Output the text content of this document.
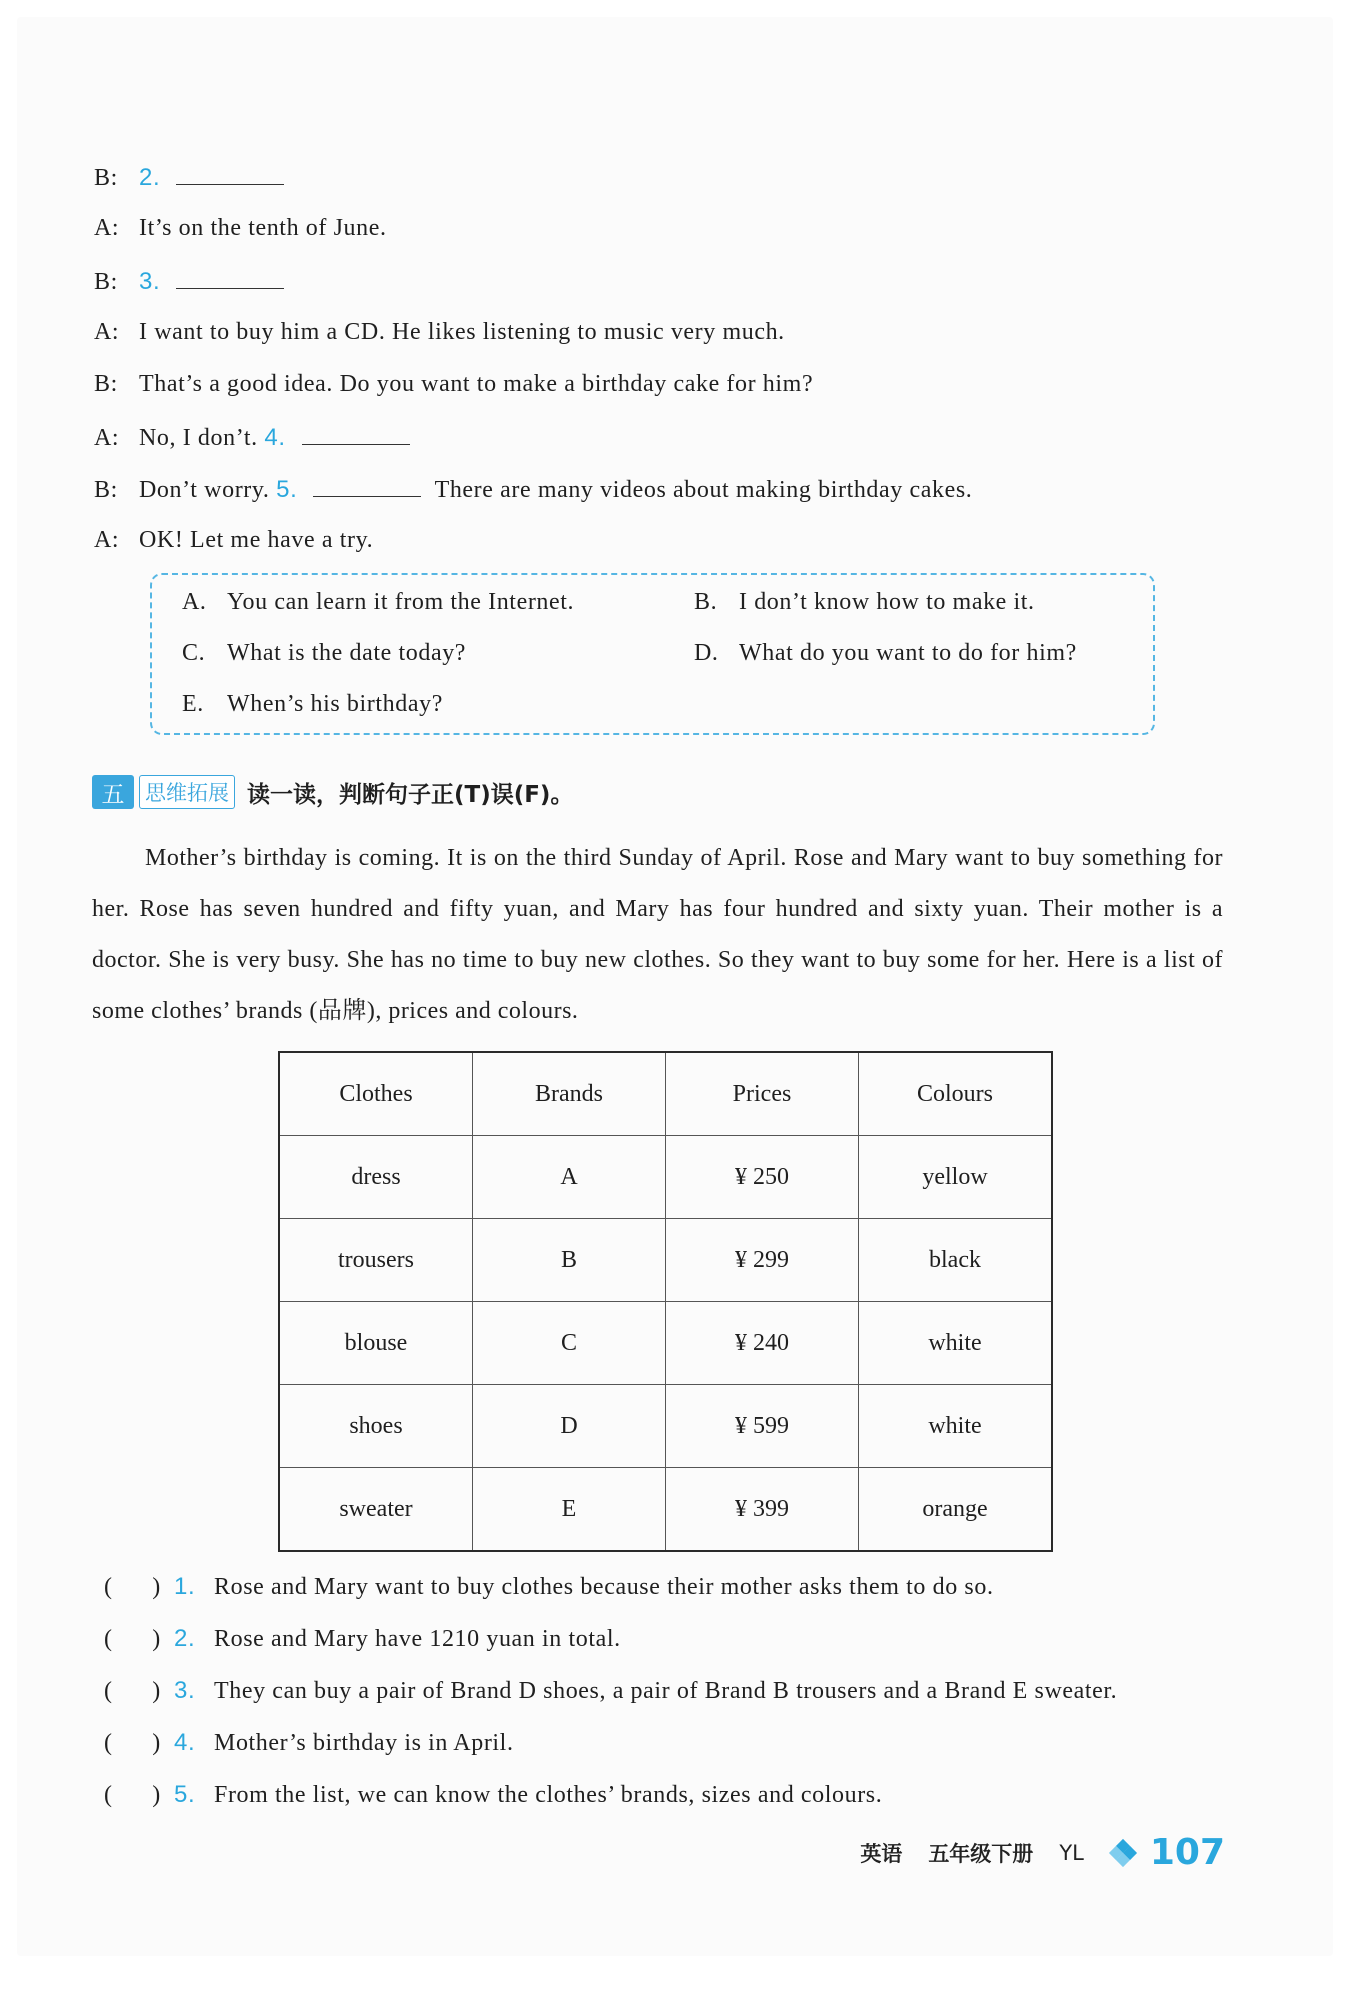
B: 2.
A: It’s on the tenth of June.
B: 3.
A: I want to buy him a CD. He likes listening to music very much.
B: That’s a good idea. Do you want to make a birthday cake for him?
A: No, I don’t. 4.
B: Don’t worry. 5.	There are many videos about making birthday cakes.
A: OK! Let me have a try.
A. You can learn it from the Internet.	B. I don’t know how to make it.
C. What is the date today?	D. What do you want to do for him?
E. When’s his birthday?
五 思维拓展 读一读，判断句子正(T)误(F)。
Mother’s birthday is coming. It is on the third Sunday of April. Rose and Mary want to buy something for her. Rose has seven hundred and fifty yuan, and Mary has four hundred and sixty yuan. Their mother is a doctor. She is very busy. She has no time to buy new clothes. So they want to buy some for her. Here is a list of some clothes’ brands (品牌), prices and colours.
Clothes	Brands	Prices	Colours
dress	A	¥ 250	yellow
trousers	B	¥ 299	black
blouse	C	¥ 240	white
shoes	D	¥ 599	white
sweater	E	¥ 399	orange
(      ) 1. Rose and Mary want to buy clothes because their mother asks them to do so.
(      ) 2. Rose and Mary have 1210 yuan in total.
(      ) 3. They can buy a pair of Brand D shoes, a pair of Brand B trousers and a Brand E sweater.
(      ) 4. Mother’s birthday is in April.
(      ) 5. From the list, we can know the clothes’ brands, sizes and colours.
英语 五年级下册 YL 107
